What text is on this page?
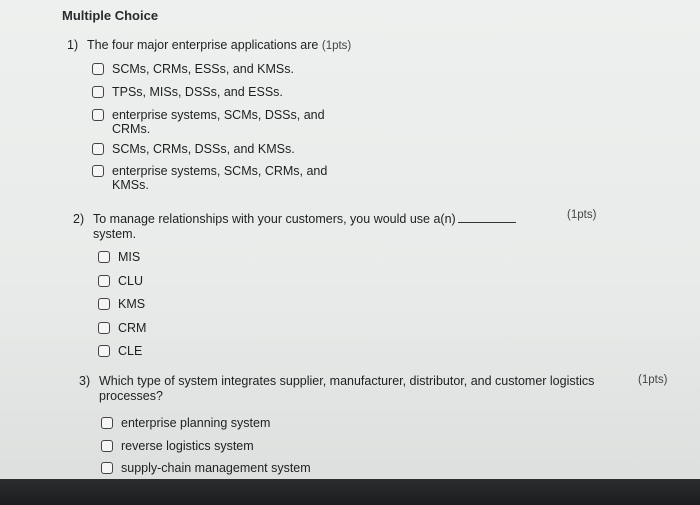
Multiple Choice
1) The four major enterprise applications are (1pts)
SCMs, CRMs, ESSs, and KMSs.
TPSs, MISs, DSSs, and ESSs.
enterprise systems, SCMs, DSSs, and CRMs.
SCMs, CRMs, DSSs, and KMSs.
enterprise systems, SCMs, CRMs, and KMSs.
2) To manage relationships with your customers, you would use a(n)
system.
(1pts)
MIS
CLU
KMS
CRM
CLE
3) Which type of system integrates supplier, manufacturer, distributor, and customer logistics
processes?
(1pts)
enterprise planning system
reverse logistics system
supply-chain management system
